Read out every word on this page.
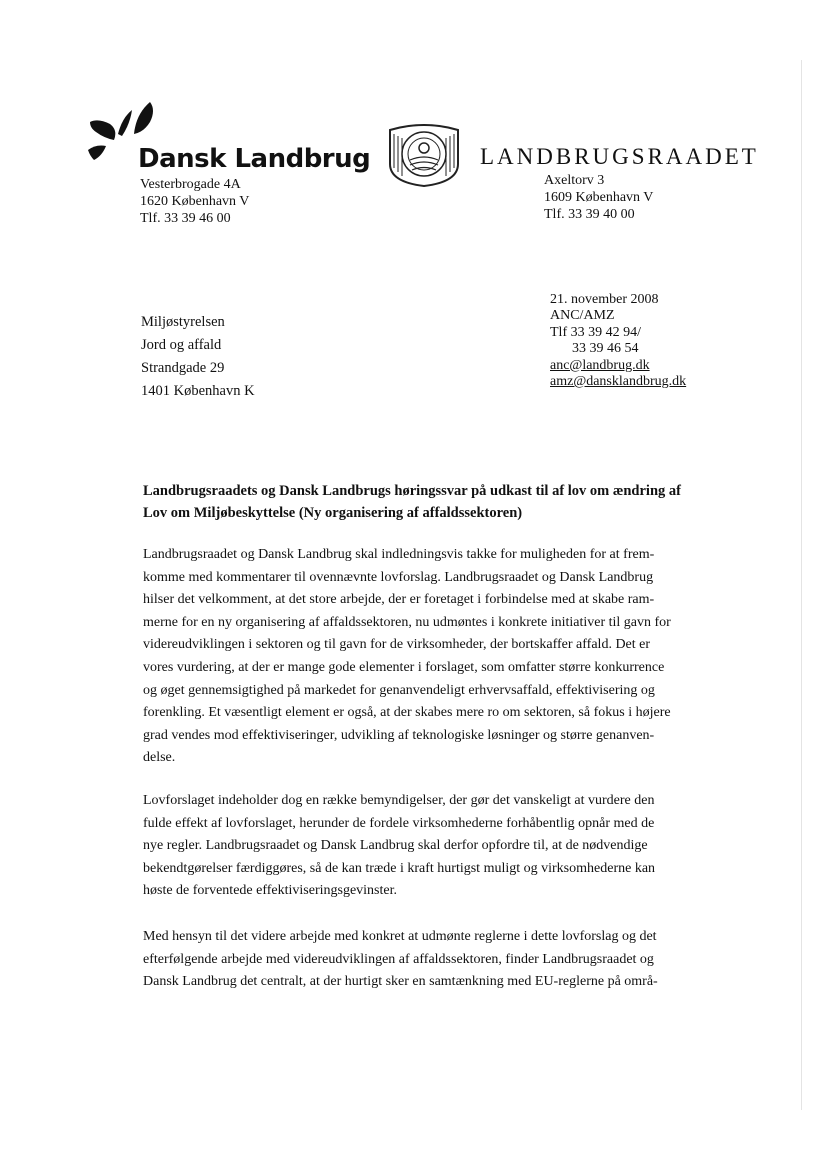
Dansk Landbrug
Vesterbrogade 4A
1620 København V
Tlf. 33 39 46 00
LANDBRUGSRAADET
Axeltorv 3
1609 København V
Tlf. 33 39 40 00
Miljøstyrelsen
Jord og affald
Strandgade 29
1401 København K
21. november 2008
ANC/AMZ
Tlf 33 39 42 94/
33 39 46 54
anc@landbrug.dk
amz@dansklandbrug.dk
Landbrugsraadets og Dansk Landbrugs høringssvar på udkast til af lov om ændring af
Lov om Miljøbeskyttelse (Ny organisering af affaldssektoren)
Landbrugsraadet og Dansk Landbrug skal indledningsvis takke for muligheden for at frem-
komme med kommentarer til ovennævnte lovforslag. Landbrugsraadet og Dansk Landbrug
hilser det velkomment, at det store arbejde, der er foretaget i forbindelse med at skabe ram-
merne for en ny organisering af affaldssektoren, nu udmøntes i konkrete initiativer til gavn for
videreudviklingen i sektoren og til gavn for de virksomheder, der bortskaffer affald. Det er
vores vurdering, at der er mange gode elementer i forslaget, som omfatter større konkurrence
og øget gennemsigtighed på markedet for genanvendeligt erhvervsaffald, effektivisering og
forenkling. Et væsentligt element er også, at der skabes mere ro om sektoren, så fokus i højere
grad vendes mod effektiviseringer, udvikling af teknologiske løsninger og større genanven-
delse.
Lovforslaget indeholder dog en række bemyndigelser, der gør det vanskeligt at vurdere den
fulde effekt af lovforslaget, herunder de fordele virksomhederne forhåbentlig opnår med de
nye regler. Landbrugsraadet og Dansk Landbrug skal derfor opfordre til, at de nødvendige
bekendtgørelser færdiggøres, så de kan træde i kraft hurtigst muligt og virksomhederne kan
høste de forventede effektiviseringsgevinster.
Med hensyn til det videre arbejde med konkret at udmønte reglerne i dette lovforslag og det
efterfølgende arbejde med videreudviklingen af affaldssektoren, finder Landbrugsraadet og
Dansk Landbrug det centralt, at der hurtigt sker en samtænkning med EU-reglerne på områ-
